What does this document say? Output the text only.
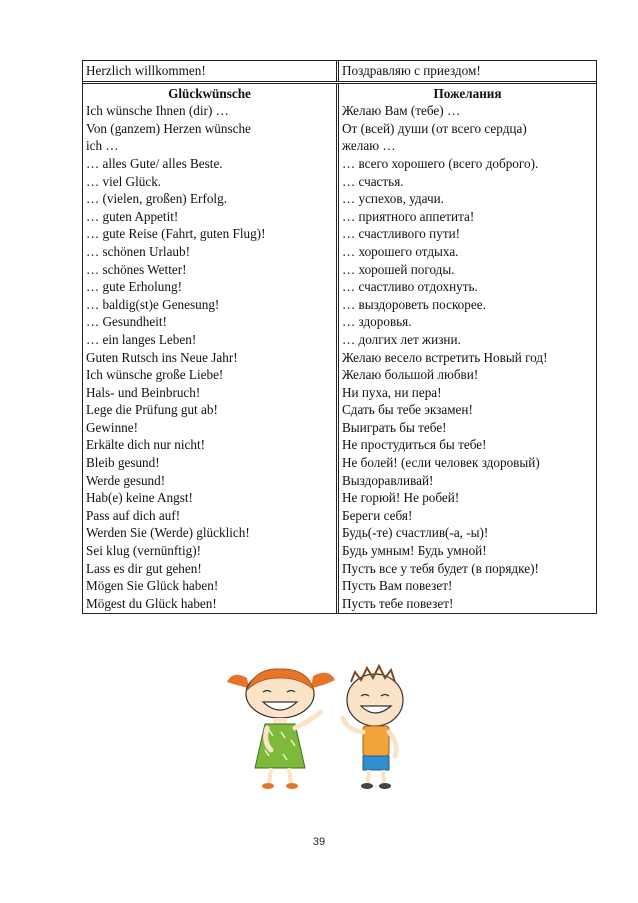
Herzlich willkommen!	Поздравляю с приездом!
Glückwünsche
Ich wünsche Ihnen (dir) …
Von (ganzem) Herzen wünsche
ich …
… alles Gute/ alles Beste.
… viel Glück.
… (vielen, großen) Erfolg.
… guten Appetit!
… gute Reise (Fahrt, guten Flug)!
… schönen Urlaub!
… schönes Wetter!
… gute Erholung!
… baldig(st)e Genesung!
… Gesundheit!
… ein langes Leben!
Guten Rutsch ins Neue Jahr!
Ich wünsche große Liebe!
Hals- und Beinbruch!
Lege die Prüfung gut ab!
Gewinne!
Erkälte dich nur nicht!
Bleib gesund!
Werde gesund!
Hab(e) keine Angst!
Pass auf dich auf!
Werden Sie (Werde) glücklich!
Sei klug (vernünftig)!
Lass es dir gut gehen!
Mögen Sie Glück haben!
Mögest du Glück haben!
Пожелания
Желаю Вам (тебе) …
От (всей) души (от всего сердца)
желаю …
… всего хорошего (всего доброго).
… счастья.
… успехов, удачи.
… приятного аппетита!
… счастливого пути!
… хорошего отдыха.
… хорошей погоды.
… счастливо отдохнуть.
… выздороветь поскорее.
… здоровья.
… долгих лет жизни.
Желаю весело встретить Новый год!
Желаю большой любви!
Ни пуха, ни пера!
Сдать бы тебе экзамен!
Выиграть бы тебе!
Не простудиться бы тебе!
Не болей! (если человек здоровый)
Выздоравливай!
Не горюй! Не робей!
Береги себя!
Будь(-те) счастлив(-а, -ы)!
Будь умным! Будь умной!
Пусть все у тебя будет (в порядке)!
Пусть Вам повезет!
Пусть тебе повезет!
39
